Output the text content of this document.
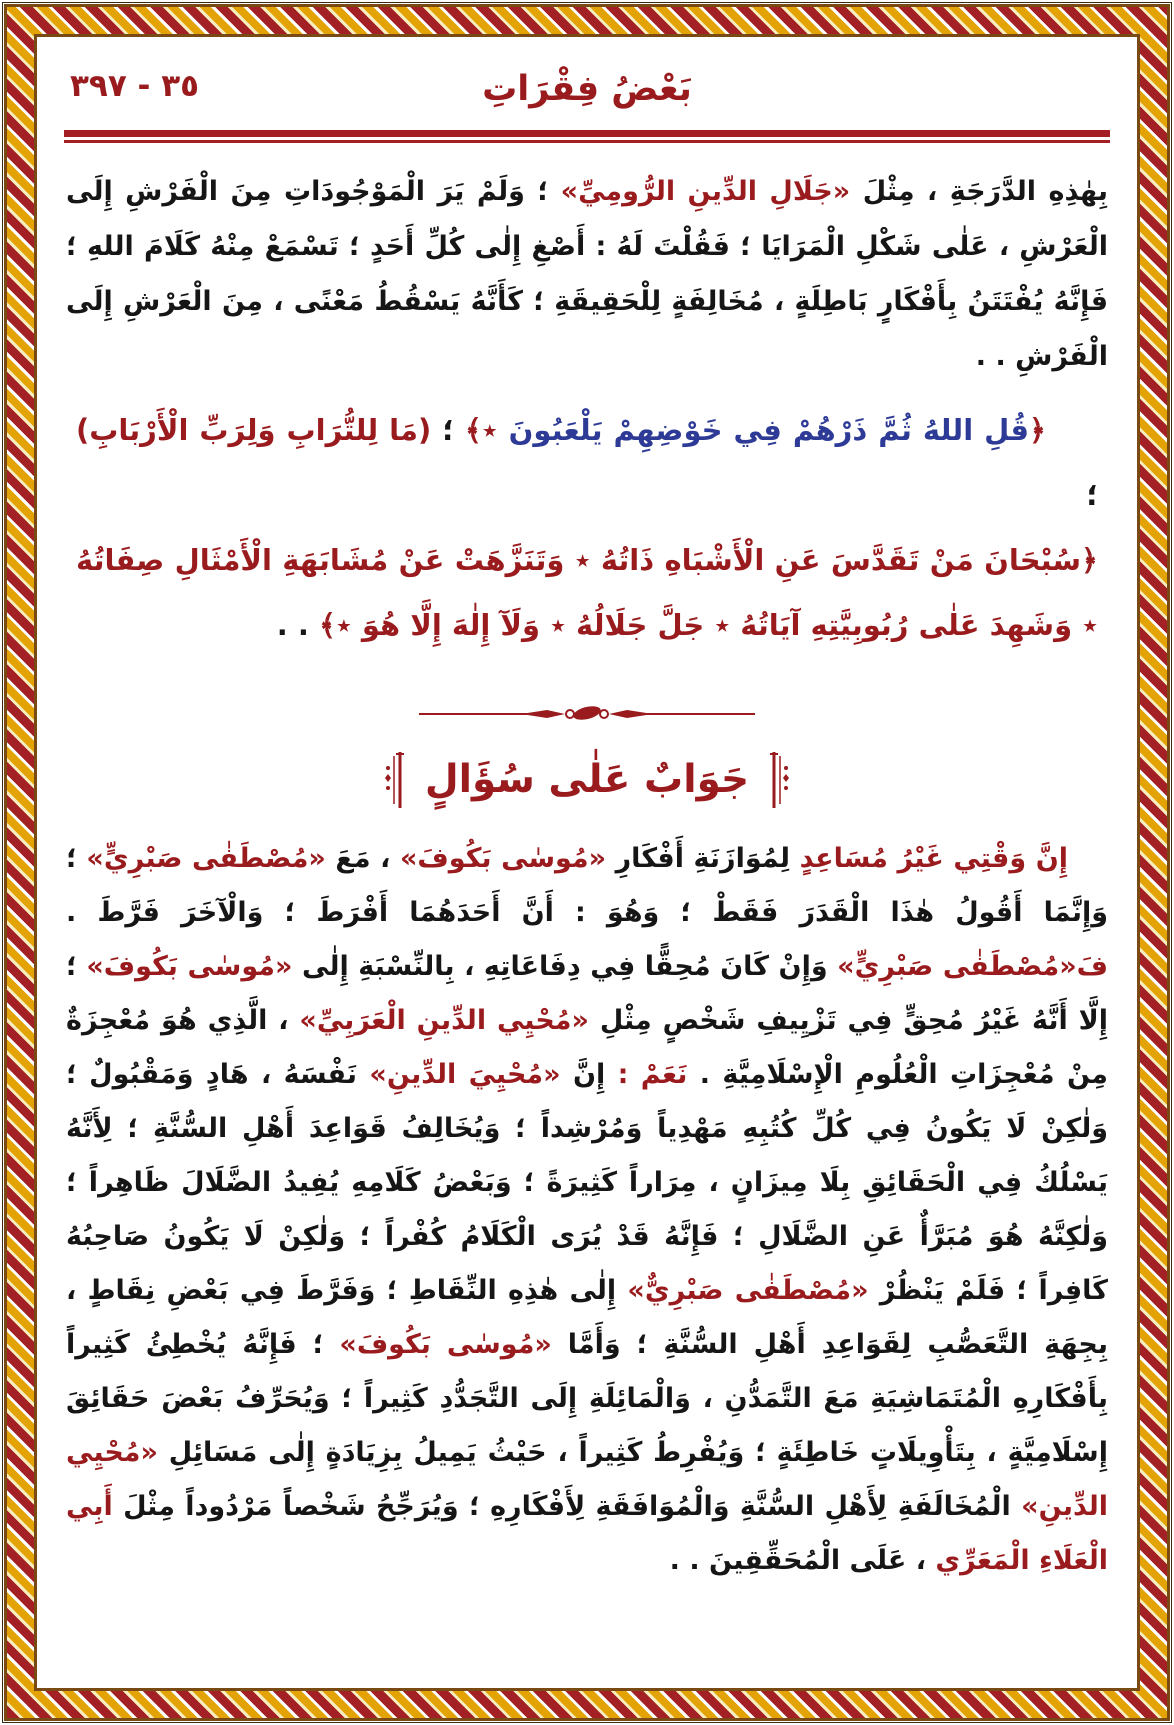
٣٥ - ٣٩٧	بَعْضُ فِقْرَاتِ

بِهٰذِهِ الدَّرَجَةِ ، مِثْلَ «جَلَالِ الدِّينِ الرُّومِيِّ» ؛ وَلَمْ يَرَ الْمَوْجُودَاتِ مِنَ الْفَرْشِ إِلَى الْعَرْشِ ، عَلٰى شَكْلِ الْمَرَايَا ؛ فَقُلْتَ لَهُ : أَصْغِ إِلٰى كُلِّ أَحَدٍ ؛ تَسْمَعْ مِنْهُ كَلَامَ اللهِ ؛ فَإِنَّهُ يُفْتَتَنُ بِأَفْكَارٍ بَاطِلَةٍ ، مُخَالِفَةٍ لِلْحَقِيقَةِ ؛ كَأَنَّهُ يَسْقُطُ مَعْنًى ، مِنَ الْعَرْشِ إِلَى الْفَرْشِ . .

﴿قُلِ اللهُ ثُمَّ ذَرْهُمْ فِي خَوْضِهِمْ يَلْعَبُونَ ٭﴾ ؛ (مَا لِلتُّرَابِ وَلِرَبِّ الْأَرْبَابِ) ؛

﴿سُبْحَانَ مَنْ تَقَدَّسَ عَنِ الْأَشْبَاهِ ذَاتُهُ ٭ وَتَنَزَّهَتْ عَنْ مُشَابَهَةِ الْأَمْثَالِ صِفَاتُهُ ٭ وَشَهِدَ عَلٰى رُبُوبِيَّتِهِ آيَاتُهُ ٭ جَلَّ جَلَالُهُ ٭ وَلَآ إِلٰهَ إِلَّا هُوَ ٭﴾ . .

جَوَابٌ عَلٰى سُؤَالٍ

إِنَّ وَقْتِي غَيْرُ مُسَاعِدٍ لِمُوَازَنَةِ أَفْكَارِ «مُوسٰى بَكُوفَ» ، مَعَ «مُصْطَفٰى صَبْرِيٍّ» ؛ وَإِنَّمَا أَقُولُ هٰذَا الْقَدَرَ فَقَطْ ؛ وَهُوَ : أَنَّ أَحَدَهُمَا أَفْرَطَ ؛ وَالْآخَرَ فَرَّطَ . فَ«مُصْطَفٰى صَبْرِيٍّ» وَإِنْ كَانَ مُحِقًّا فِي دِفَاعَاتِهِ ، بِالنِّسْبَةِ إِلٰى «مُوسٰى بَكُوفَ» ؛ إِلَّا أَنَّهُ غَيْرُ مُحِقٍّ فِي تَزْيِيفِ شَخْصٍ مِثْلِ «مُحْيِي الدِّينِ الْعَرَبِيِّ» ، الَّذِي هُوَ مُعْجِزَةٌ مِنْ مُعْجِزَاتِ الْعُلُومِ الْإِسْلَامِيَّةِ . نَعَمْ : إِنَّ «مُحْيِيَ الدِّينِ» نَفْسَهُ ، هَادٍ وَمَقْبُولٌ ؛ وَلٰكِنْ لَا يَكُونُ فِي كُلِّ كُتُبِهِ مَهْدِياً وَمُرْشِداً ؛ وَيُخَالِفُ قَوَاعِدَ أَهْلِ السُّنَّةِ ؛ لِأَنَّهُ يَسْلُكُ فِي الْحَقَائِقِ بِلَا مِيزَانٍ ، مِرَاراً كَثِيرَةً ؛ وَبَعْضُ كَلَامِهِ يُفِيدُ الضَّلَالَ ظَاهِراً ؛ وَلٰكِنَّهُ هُوَ مُبَرَّأٌ عَنِ الضَّلَالِ ؛ فَإِنَّهُ قَدْ يُرَى الْكَلَامُ كُفْراً ؛ وَلٰكِنْ لَا يَكُونُ صَاحِبُهُ كَافِراً ؛ فَلَمْ يَنْظُرْ «مُصْطَفٰى صَبْرِيٌّ» إِلٰى هٰذِهِ النِّقَاطِ ؛ وَفَرَّطَ فِي بَعْضِ نِقَاطٍ ، بِجِهَةِ التَّعَصُّبِ لِقَوَاعِدِ أَهْلِ السُّنَّةِ ؛ وَأَمَّا «مُوسٰى بَكُوفَ» ؛ فَإِنَّهُ يُخْطِئُ كَثِيراً بِأَفْكَارِهِ الْمُتَمَاشِيَةِ مَعَ التَّمَدُّنِ ، وَالْمَائِلَةِ إِلَى التَّجَدُّدِ كَثِيراً ؛ وَيُحَرِّفُ بَعْضَ حَقَائِقَ إِسْلَامِيَّةٍ ، بِتَأْوِيلَاتٍ خَاطِئَةٍ ؛ وَيُفْرِطُ كَثِيراً ، حَيْثُ يَمِيلُ بِزِيَادَةٍ إِلٰى مَسَائِلِ «مُحْيِي الدِّينِ» الْمُخَالَفَةِ لِأَهْلِ السُّنَّةِ وَالْمُوَافَقَةِ لِأَفْكَارِهِ ؛ وَيُرَجِّحُ شَخْصاً مَرْدُوداً مِثْلَ أَبِي الْعَلَاءِ الْمَعَرِّي ، عَلَى الْمُحَقِّقِينَ . .
